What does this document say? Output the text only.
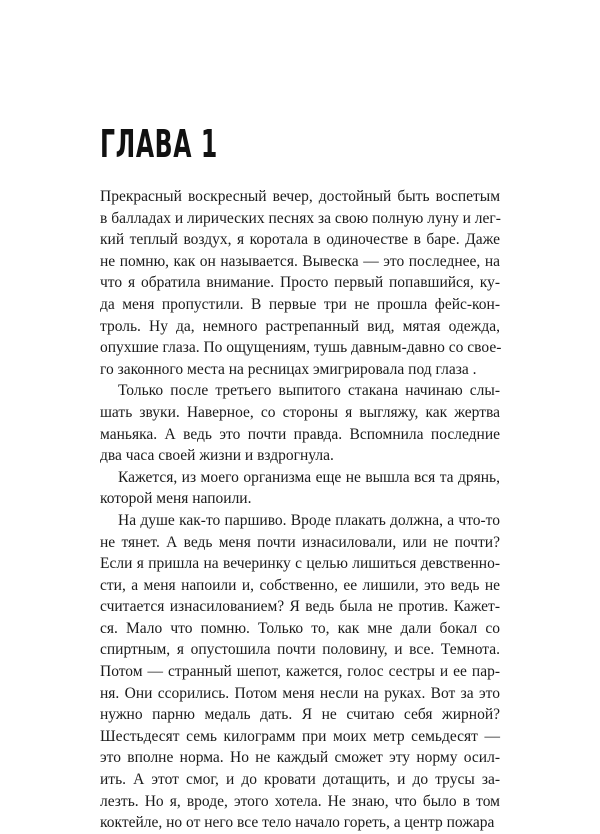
ГЛАВА 1
Прекрасный воскресный вечер, достойный быть воспетым
в балладах и лирических песнях за свою полную луну и лег-
кий теплый воздух, я коротала в одиночестве в баре. Даже
не помню, как он называется. Вывеска — это последнее, на
что я обратила внимание. Просто первый попавшийся, ку-
да меня пропустили. В первые три не прошла фейс-кон-
троль. Ну да, немного растрепанный вид, мятая одежда,
опухшие глаза. По ощущениям, тушь давным-давно со свое-
го законного места на ресницах эмигрировала под глаза .
Только после третьего выпитого стакана начинаю слы-
шать звуки. Наверное, со стороны я выгляжу, как жертва
маньяка. А ведь это почти правда. Вспомнила последние
два часа своей жизни и вздрогнула.
Кажется, из моего организма еще не вышла вся та дрянь,
которой меня напоили.
На душе как-то паршиво. Вроде плакать должна, а что-то
не тянет. А ведь меня почти изнасиловали, или не почти?
Если я пришла на вечеринку с целью лишиться девственно-
сти, а меня напоили и, собственно, ее лишили, это ведь не
считается изнасилованием? Я ведь была не против. Кажет-
ся. Мало что помню. Только то, как мне дали бокал со
спиртным, я опустошила почти половину, и все. Темнота.
Потом — странный шепот, кажется, голос сестры и ее пар-
ня. Они ссорились. Потом меня несли на руках. Вот за это
нужно парню медаль дать. Я не считаю себя жирной?
Шестьдесят семь килограмм при моих метр семьдесят —
это вполне норма. Но не каждый сможет эту норму осил-
ить. А этот смог, и до кровати дотащить, и до трусы за-
лезть. Но я, вроде, этого хотела. Не знаю, что было в том
коктейле, но от него все тело начало гореть, а центр пожара
